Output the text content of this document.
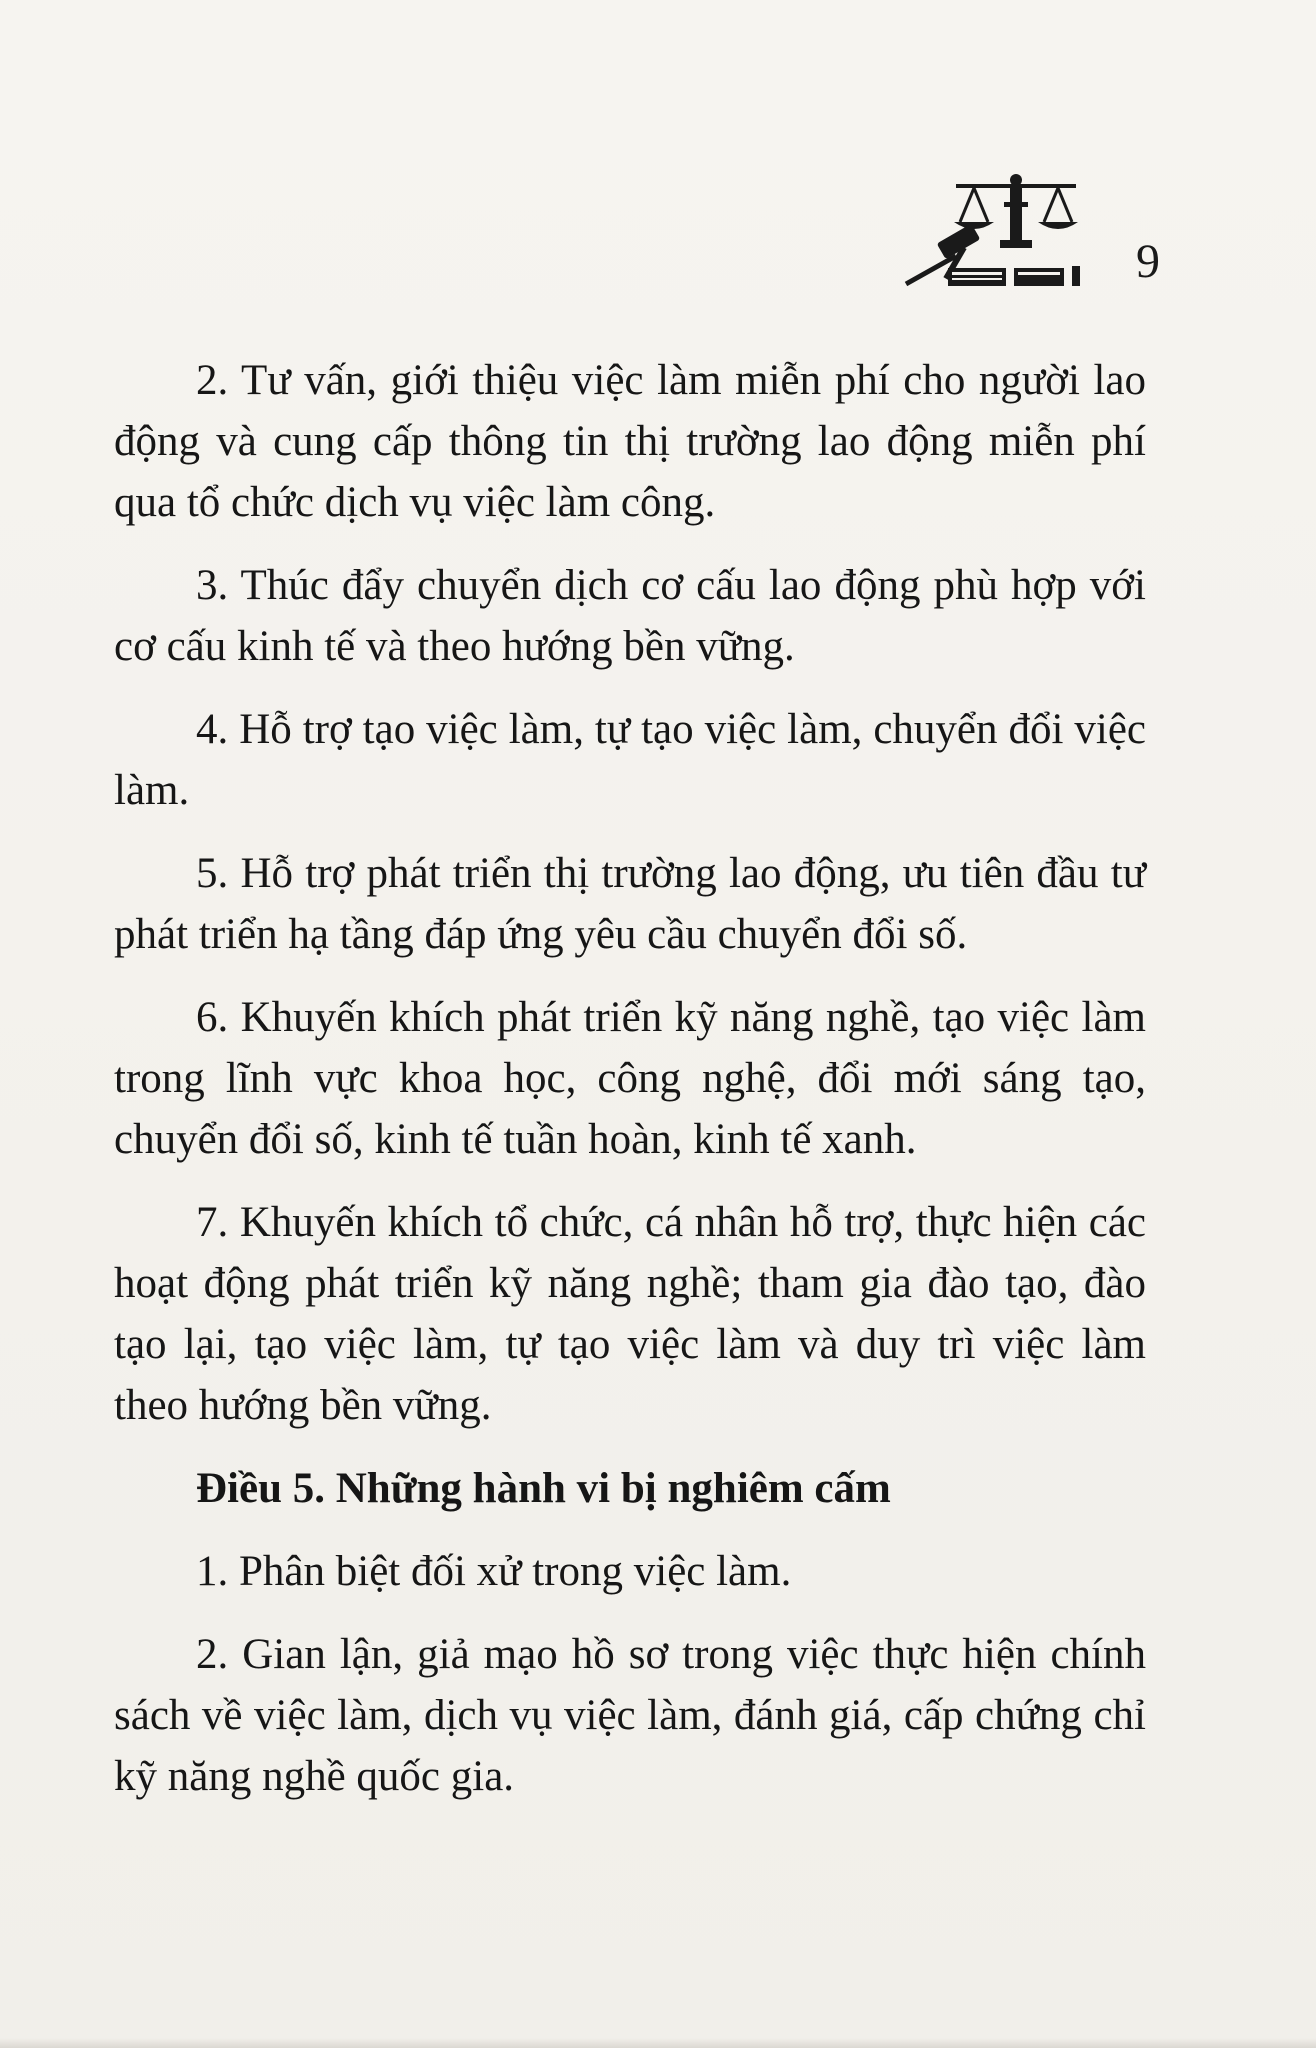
9

2. Tư vấn, giới thiệu việc làm miễn phí cho người lao động và cung cấp thông tin thị trường lao động miễn phí qua tổ chức dịch vụ việc làm công.

3. Thúc đẩy chuyển dịch cơ cấu lao động phù hợp với cơ cấu kinh tế và theo hướng bền vững.

4. Hỗ trợ tạo việc làm, tự tạo việc làm, chuyển đổi việc làm.

5. Hỗ trợ phát triển thị trường lao động, ưu tiên đầu tư phát triển hạ tầng đáp ứng yêu cầu chuyển đổi số.

6. Khuyến khích phát triển kỹ năng nghề, tạo việc làm trong lĩnh vực khoa học, công nghệ, đổi mới sáng tạo, chuyển đổi số, kinh tế tuần hoàn, kinh tế xanh.

7. Khuyến khích tổ chức, cá nhân hỗ trợ, thực hiện các hoạt động phát triển kỹ năng nghề; tham gia đào tạo, đào tạo lại, tạo việc làm, tự tạo việc làm và duy trì việc làm theo hướng bền vững.

Điều 5. Những hành vi bị nghiêm cấm

1. Phân biệt đối xử trong việc làm.

2. Gian lận, giả mạo hồ sơ trong việc thực hiện chính sách về việc làm, dịch vụ việc làm, đánh giá, cấp chứng chỉ kỹ năng nghề quốc gia.
